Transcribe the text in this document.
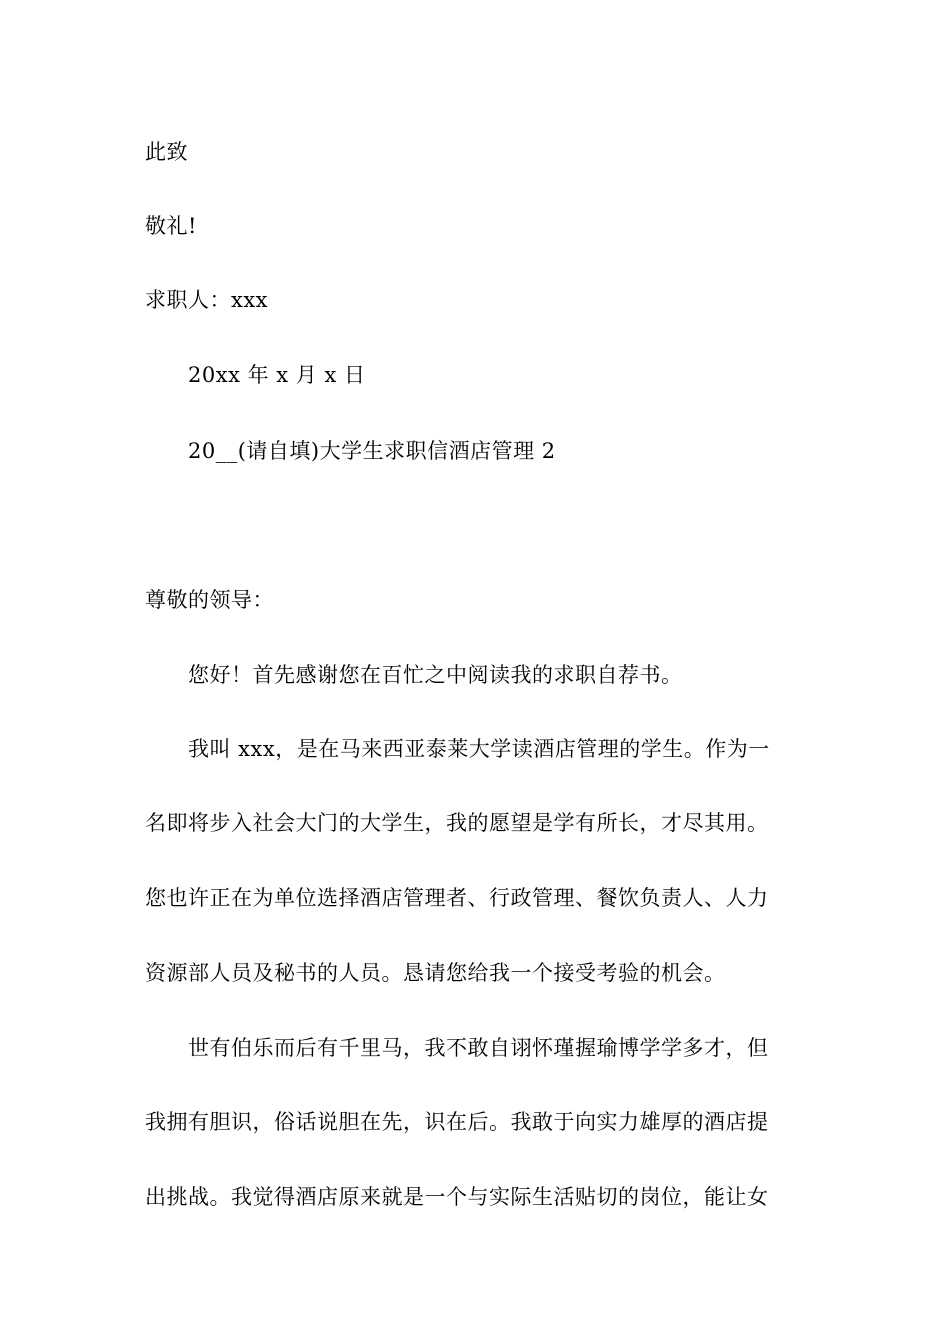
此致
敬礼!
求职人：xxx
20xx 年 x 月 x 日
20__(请自填)大学生求职信酒店管理 2
尊敬的领导：
您好！首先感谢您在百忙之中阅读我的求职自荐书。
我叫 xxx，是在马来西亚泰莱大学读酒店管理的学生。作为一
名即将步入社会大门的大学生，我的愿望是学有所长，才尽其用。
您也许正在为单位选择酒店管理者、行政管理、餐饮负责人、人力
资源部人员及秘书的人员。恳请您给我一个接受考验的机会。
世有伯乐而后有千里马，我不敢自诩怀瑾握瑜博学学多才，但
我拥有胆识，俗话说胆在先，识在后。我敢于向实力雄厚的酒店提
出挑战。我觉得酒店原来就是一个与实际生活贴切的岗位，能让女
